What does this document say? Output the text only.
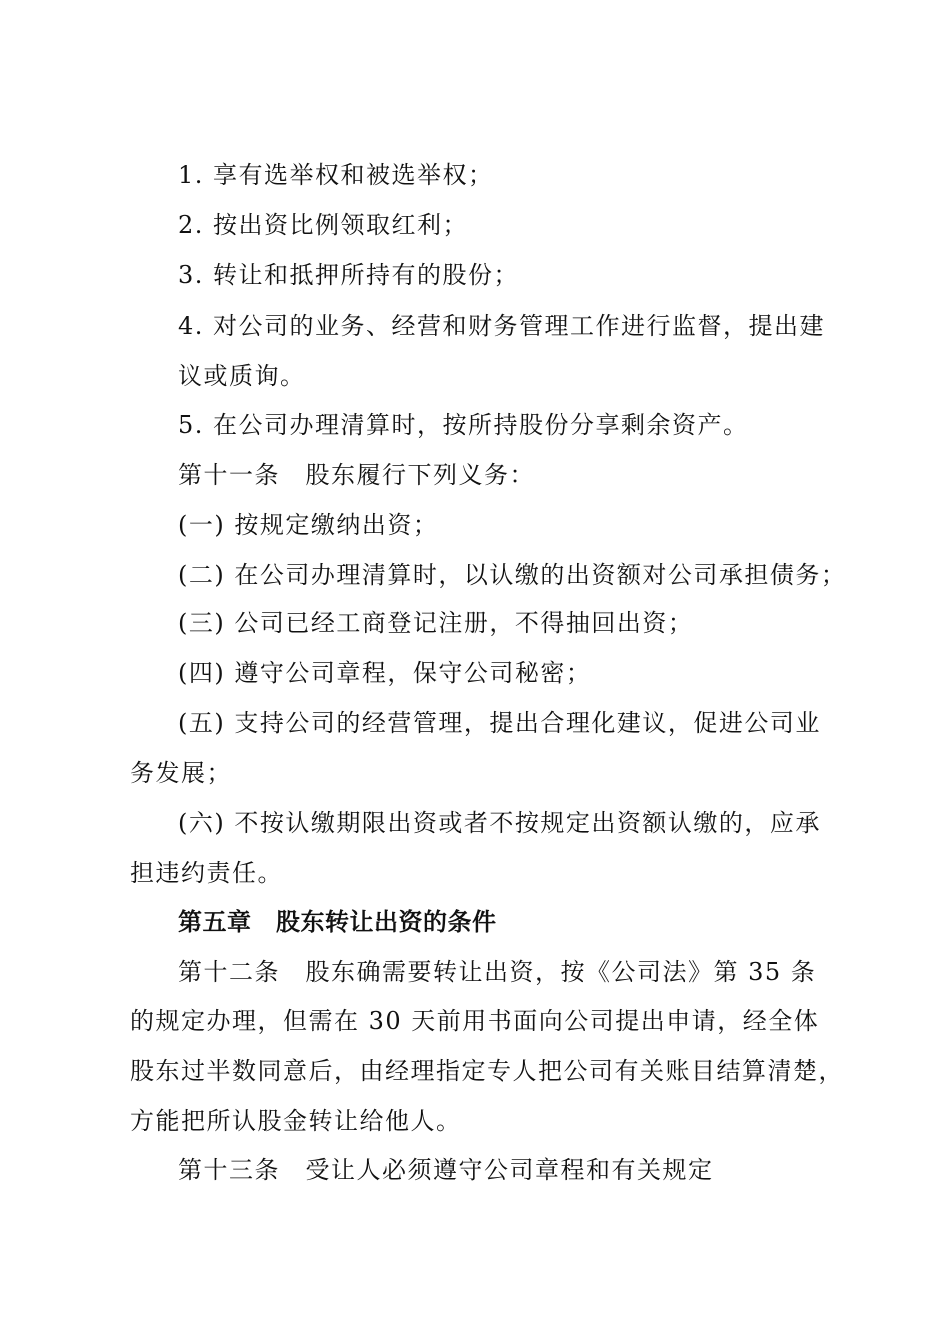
1. 享有选举权和被选举权；

2. 按出资比例领取红利；

3. 转让和抵押所持有的股份；

4. 对公司的业务、经营和财务管理工作进行监督，提出建

议或质询。

5. 在公司办理清算时，按所持股份分享剩余资产。

第十一条　股东履行下列义务：

(一) 按规定缴纳出资；

(二) 在公司办理清算时，以认缴的出资额对公司承担债务；

(三) 公司已经工商登记注册，不得抽回出资；

(四) 遵守公司章程，保守公司秘密；

(五) 支持公司的经营管理，提出合理化建议，促进公司业

务发展；

(六) 不按认缴期限出资或者不按规定出资额认缴的，应承

担违约责任。

第五章　股东转让出资的条件

第十二条　股东确需要转让出资，按《公司法》第 35 条

的规定办理，但需在 30 天前用书面向公司提出申请，经全体

股东过半数同意后，由经理指定专人把公司有关账目结算清楚，

方能把所认股金转让给他人。

第十三条　受让人必须遵守公司章程和有关规定
